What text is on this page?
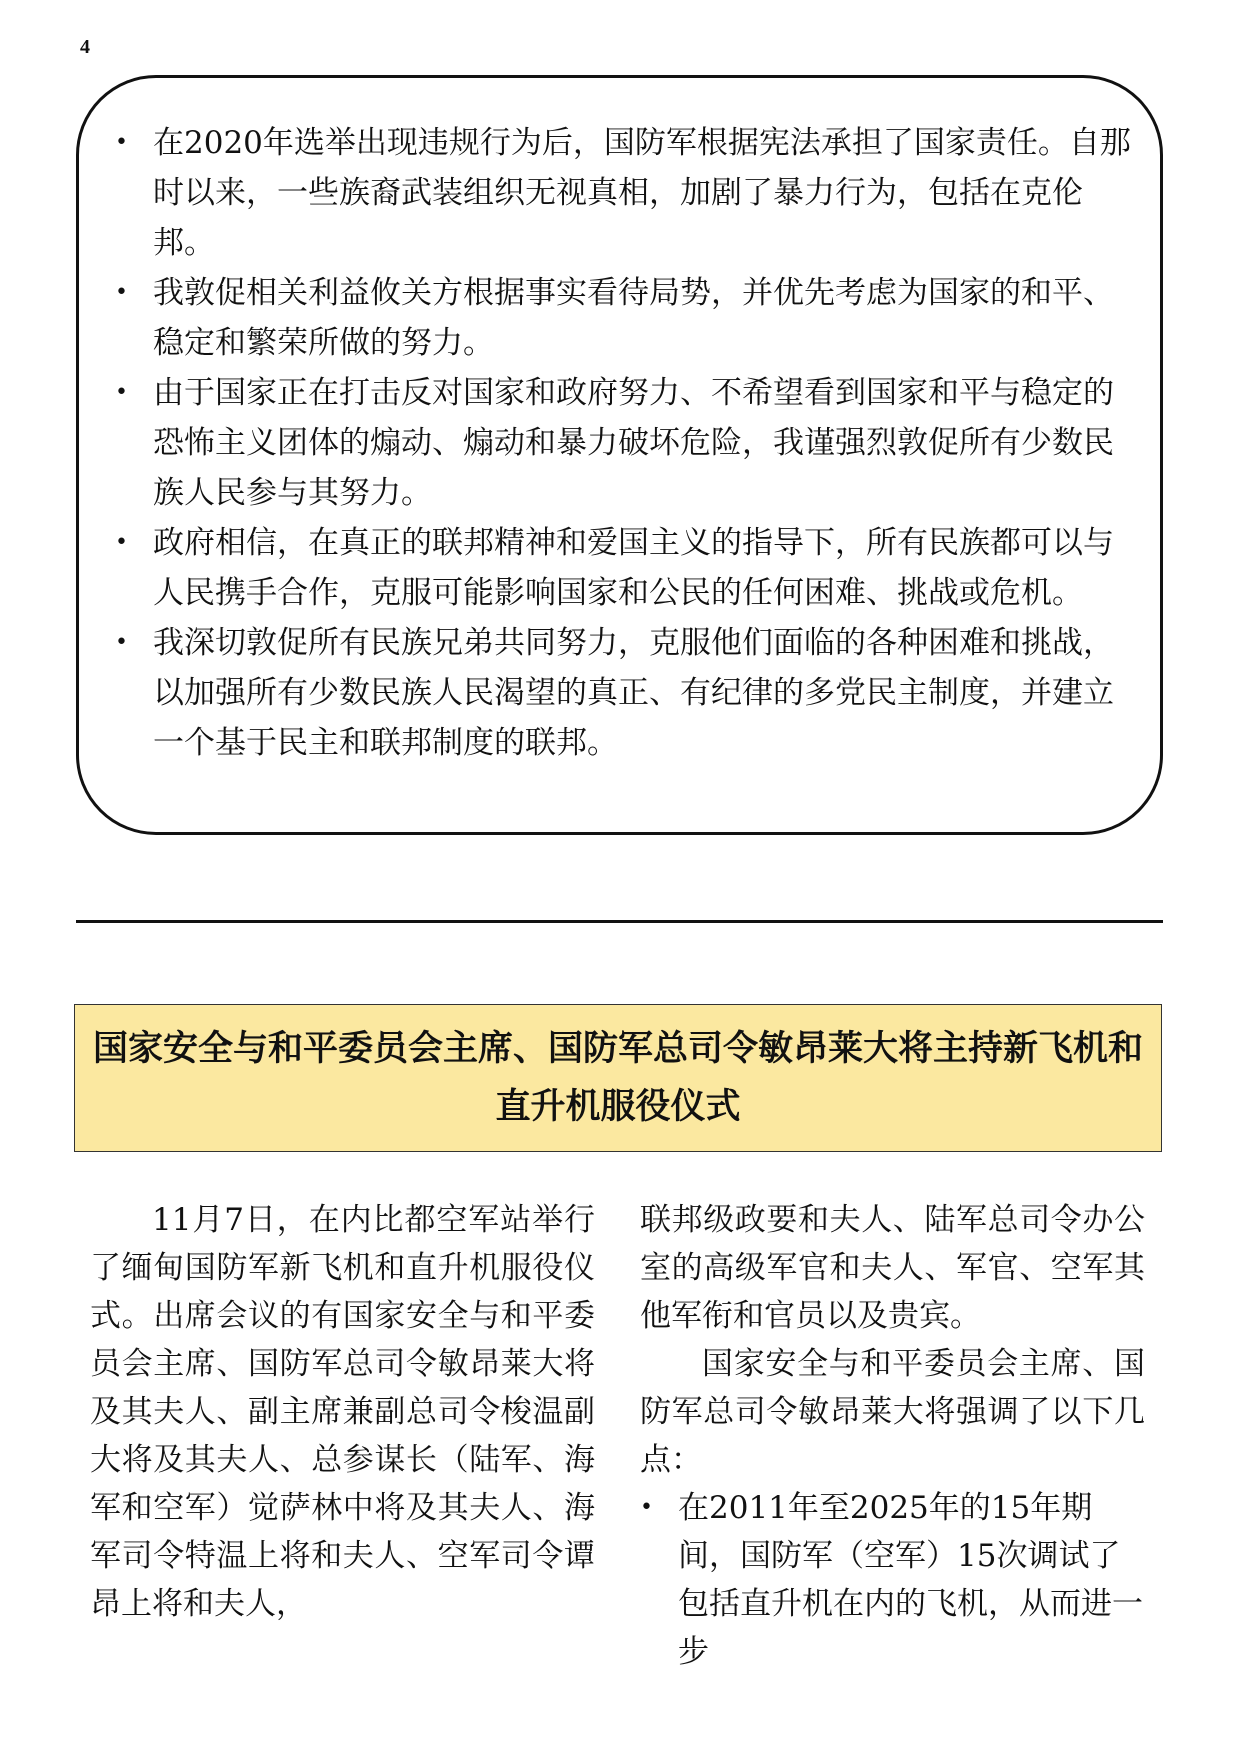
4
• 在2020年选举出现违规行为后，国防军根据宪法承担了国家责任。自那时以来，一些族裔武装组织无视真相，加剧了暴力行为，包括在克伦邦。
• 我敦促相关利益攸关方根据事实看待局势，并优先考虑为国家的和平、稳定和繁荣所做的努力。
• 由于国家正在打击反对国家和政府努力、不希望看到国家和平与稳定的恐怖主义团体的煽动、煽动和暴力破坏危险，我谨强烈敦促所有少数民族人民参与其努力。
• 政府相信，在真正的联邦精神和爱国主义的指导下，所有民族都可以与人民携手合作，克服可能影响国家和公民的任何困难、挑战或危机。
• 我深切敦促所有民族兄弟共同努力，克服他们面临的各种困难和挑战，以加强所有少数民族人民渴望的真正、有纪律的多党民主制度，并建立一个基于民主和联邦制度的联邦。
国家安全与和平委员会主席、国防军总司令敏昂莱大将主持新飞机和直升机服役仪式

11月7日，在内比都空军站举行了缅甸国防军新飞机和直升机服役仪式。出席会议的有国家安全与和平委员会主席、国防军总司令敏昂莱大将及其夫人、副主席兼副总司令梭温副大将及其夫人、总参谋长（陆军、海军和空军）觉萨林中将及其夫人、海军司令特温上将和夫人、空军司令谭昂上将和夫人，

联邦级政要和夫人、陆军总司令办公室的高级军官和夫人、军官、空军其他军衔和官员以及贵宾。

国家安全与和平委员会主席、国防军总司令敏昂莱大将强调了以下几点：

• 在2011年至2025年的15年期间，国防军（空军）15次调试了包括直升机在内的飞机，从而进一步
